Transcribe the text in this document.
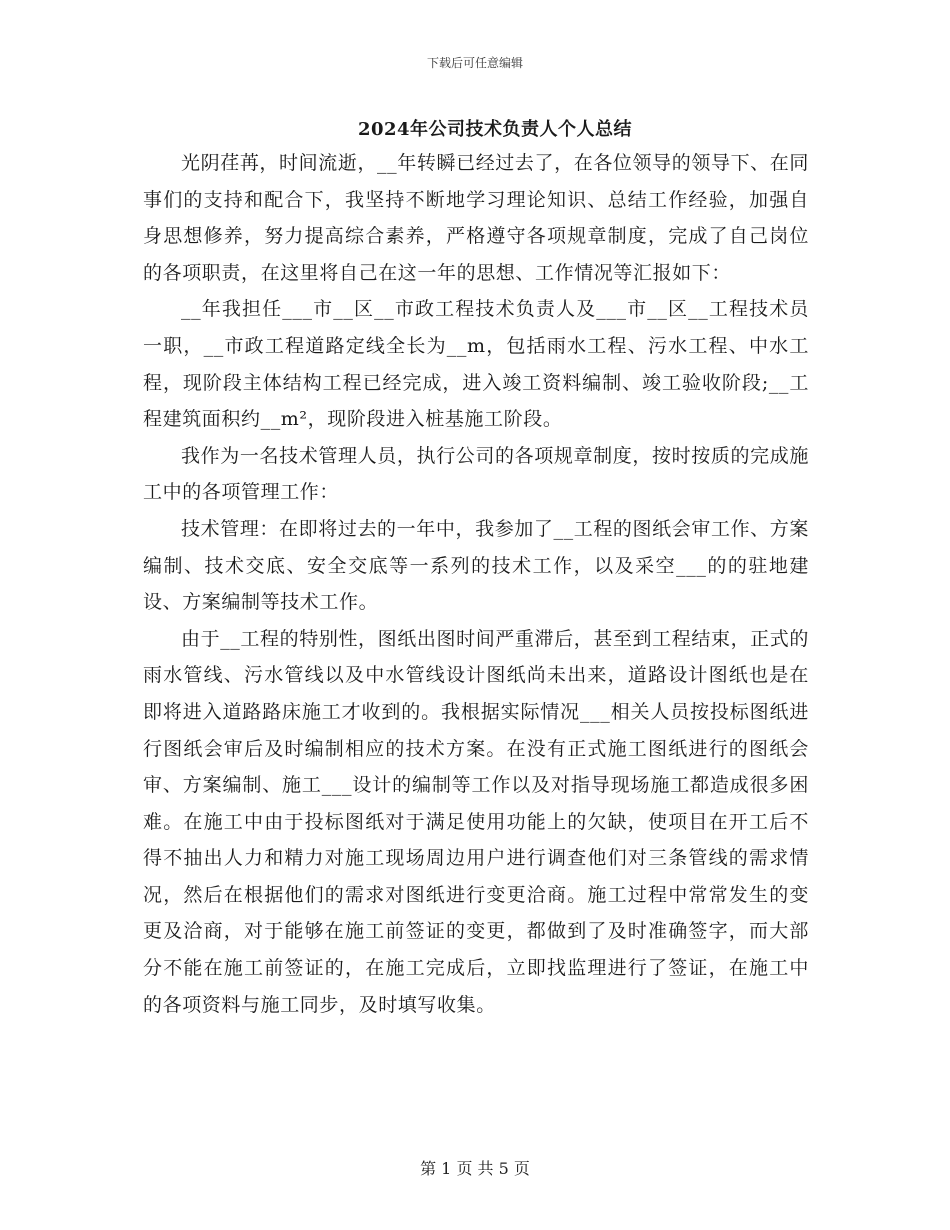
下载后可任意编辑
2024年公司技术负责人个人总结

光阴荏苒，时间流逝，__年转瞬已经过去了，在各位领导的领导下、在同事们的支持和配合下，我坚持不断地学习理论知识、总结工作经验，加强自身思想修养，努力提高综合素养，严格遵守各项规章制度，完成了自己岗位的各项职责，在这里将自己在这一年的思想、工作情况等汇报如下：

__年我担任___市__区__市政工程技术负责人及___市__区__工程技术员一职，__市政工程道路定线全长为__m，包括雨水工程、污水工程、中水工程，现阶段主体结构工程已经完成，进入竣工资料编制、竣工验收阶段;__工程建筑面积约__m²，现阶段进入桩基施工阶段。

我作为一名技术管理人员，执行公司的各项规章制度，按时按质的完成施工中的各项管理工作：

技术管理：在即将过去的一年中，我参加了__工程的图纸会审工作、方案编制、技术交底、安全交底等一系列的技术工作，以及采空___的的驻地建设、方案编制等技术工作。

由于__工程的特别性，图纸出图时间严重滞后，甚至到工程结束，正式的雨水管线、污水管线以及中水管线设计图纸尚未出来，道路设计图纸也是在即将进入道路路床施工才收到的。我根据实际情况___相关人员按投标图纸进行图纸会审后及时编制相应的技术方案。在没有正式施工图纸进行的图纸会审、方案编制、施工___设计的编制等工作以及对指导现场施工都造成很多困难。在施工中由于投标图纸对于满足使用功能上的欠缺，使项目在开工后不得不抽出人力和精力对施工现场周边用户进行调查他们对三条管线的需求情况，然后在根据他们的需求对图纸进行变更洽商。施工过程中常常发生的变更及洽商，对于能够在施工前签证的变更，都做到了及时准确签字，而大部分不能在施工前签证的，在施工完成后，立即找监理进行了签证，在施工中的各项资料与施工同步，及时填写收集。

第 1 页 共 5 页
